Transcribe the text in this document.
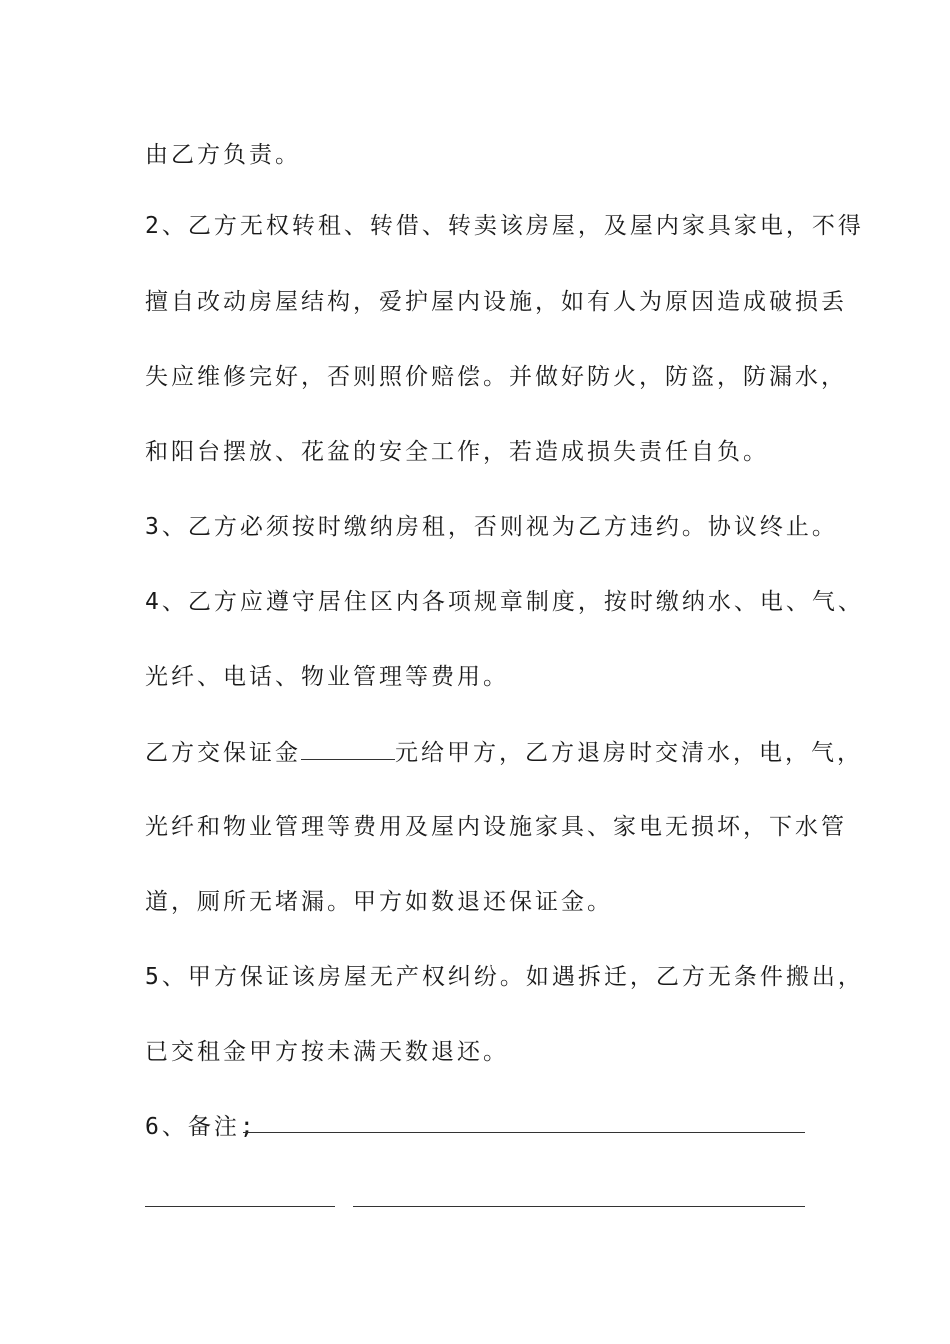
由乙方负责。
2、乙方无权转租、转借、转卖该房屋，及屋内家具家电，不得
擅自改动房屋结构，爱护屋内设施，如有人为原因造成破损丢
失应维修完好，否则照价赔偿。并做好防火，防盗，防漏水，
和阳台摆放、花盆的安全工作，若造成损失责任自负。
3、乙方必须按时缴纳房租，否则视为乙方违约。协议终止。
4、乙方应遵守居住区内各项规章制度，按时缴纳水、电、气、
光纤、电话、物业管理等费用。
乙方交保证金	元给甲方，乙方退房时交清水，电，气，
光纤和物业管理等费用及屋内设施家具、家电无损坏，下水管
道，厕所无堵漏。甲方如数退还保证金。
5、甲方保证该房屋无产权纠纷。如遇拆迁，乙方无条件搬出，
已交租金甲方按未满天数退还。
6、备注;
